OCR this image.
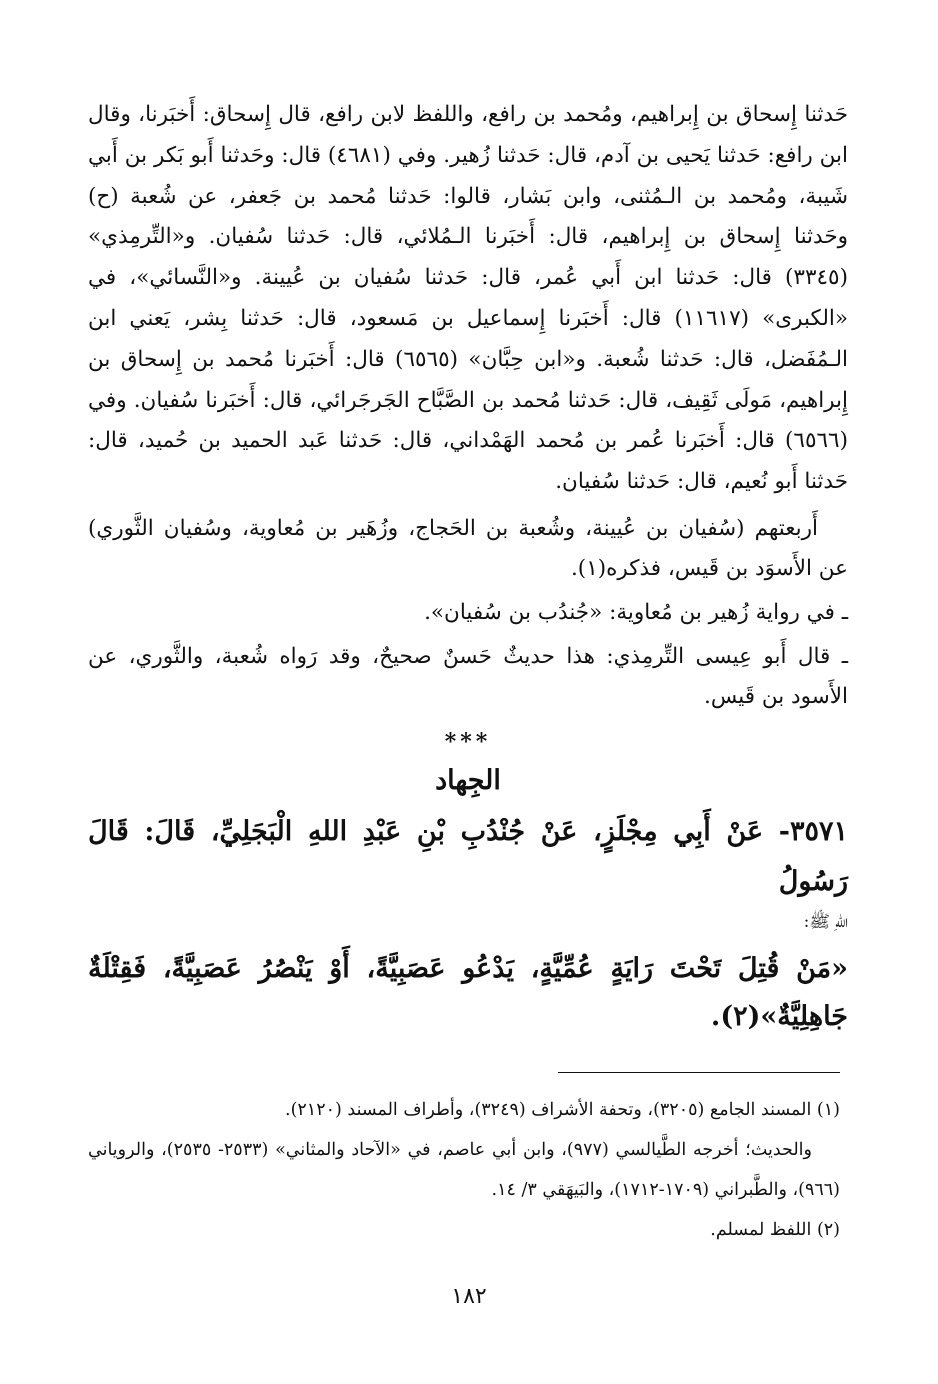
حَدثنا إِسحاق بن إِبراهيم، ومُحمد بن رافع، واللفظ لابن رافع، قال إِسحاق: أَخبَرنا، وقال ابن رافع: حَدثنا يَحيى بن آدم، قال: حَدثنا زُهير. وفي (٤٦٨١) قال: وحَدثنا أَبو بَكر بن أَبي شَيبة، ومُحمد بن الـمُثنى، وابن بَشار، قالوا: حَدثنا مُحمد بن جَعفر، عن شُعبة (ح) وحَدثنا إِسحاق بن إِبراهيم، قال: أَخبَرنا الـمُلائي، قال: حَدثنا سُفيان. و«التِّرمِذي» (٣٣٤٥) قال: حَدثنا ابن أَبي عُمر، قال: حَدثنا سُفيان بن عُيينة. و«النَّسائي»، في «الكبرى» (١١٦١٧) قال: أَخبَرنا إِسماعيل بن مَسعود، قال: حَدثنا بِشر، يَعني ابن الـمُفَضل، قال: حَدثنا شُعبة. و«ابن حِبَّان» (٦٥٦٥) قال: أَخبَرنا مُحمد بن إِسحاق بن إِبراهيم، مَولَى ثَقِيف، قال: حَدثنا مُحمد بن الصَّبَّاح الجَرجَرائي، قال: أَخبَرنا سُفيان. وفي (٦٥٦٦) قال: أَخبَرنا عُمر بن مُحمد الهَمْداني، قال: حَدثنا عَبد الحميد بن حُميد، قال: حَدثنا أَبو نُعيم، قال: حَدثنا سُفيان.

أَربعتهم (سُفيان بن عُيينة، وشُعبة بن الحَجاج، وزُهَير بن مُعاوية، وسُفيان الثَّوري) عن الأَسوَد بن قَيس، فذكره(١).

ـ في رواية زُهير بن مُعاوية: «جُندُب بن سُفيان».

ـ قال أَبو عِيسى التِّرمِذي: هذا حديثٌ حَسنٌ صحيحٌ، وقد رَواه شُعبة، والثَّوري، عن الأَسود بن قَيس.

***
الجِهاد

٣٥٧١- عَنْ أَبِي مِجْلَزٍ، عَنْ جُنْدُبِ بْنِ عَبْدِ اللهِ الْبَجَلِيِّ، قَالَ: قَالَ رَسُولُ

اللهِ ﷺ:

«مَنْ قُتِلَ تَحْتَ رَايَةٍ عُمِّيَّةٍ، يَدْعُو عَصَبِيَّةً، أَوْ يَنْصُرُ عَصَبِيَّةً، فَقِتْلَةٌ جَاهِلِيَّةٌ»(٢).

(١) المسند الجامع (٣٢٠٥)، وتحفة الأشراف (٣٢٤٩)، وأطراف المسند (٢١٢٠).

والحديث؛ أخرجه الطَّيالسي (٩٧٧)، وابن أبي عاصم، في «الآحاد والمثاني» (٢٥٣٣- ٢٥٣٥)، والروياني (٩٦٦)، والطَّبراني (١٧٠٩-١٧١٢)، والبَيهَقي ٣/ ١٤.

(٢) اللفظ لمسلم.

١٨٢
